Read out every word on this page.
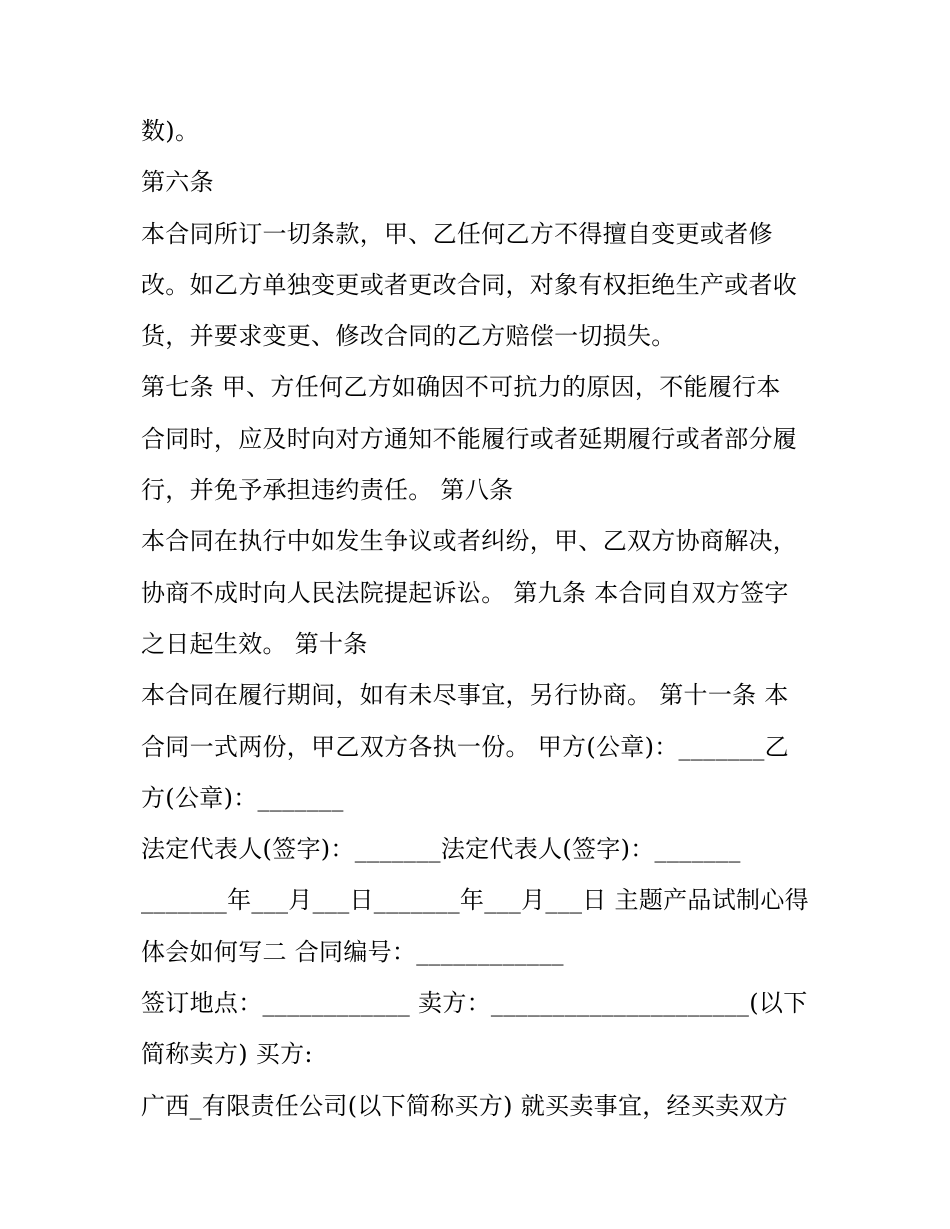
数)。
第六条
本合同所订一切条款，甲、乙任何乙方不得擅自变更或者修
改。如乙方单独变更或者更改合同，对象有权拒绝生产或者收
货，并要求变更、修改合同的乙方赔偿一切损失。
第七条 甲、方任何乙方如确因不可抗力的原因，不能履行本
合同时，应及时向对方通知不能履行或者延期履行或者部分履
行，并免予承担违约责任。 第八条
本合同在执行中如发生争议或者纠纷，甲、乙双方协商解决，
协商不成时向人民法院提起诉讼。 第九条 本合同自双方签字
之日起生效。 第十条
本合同在履行期间，如有未尽事宜，另行协商。 第十一条 本
合同一式两份，甲乙双方各执一份。 甲方(公章)：_______乙
方(公章)：_______
法定代表人(签字)：_______法定代表人(签字)：_______
_______年___月___日_______年___月___日 主题产品试制心得
体会如何写二 合同编号：____________
签订地点：____________ 卖方：_____________________(以下
简称卖方) 买方:
广西_有限责任公司(以下简称买方) 就买卖事宜，经买卖双方
